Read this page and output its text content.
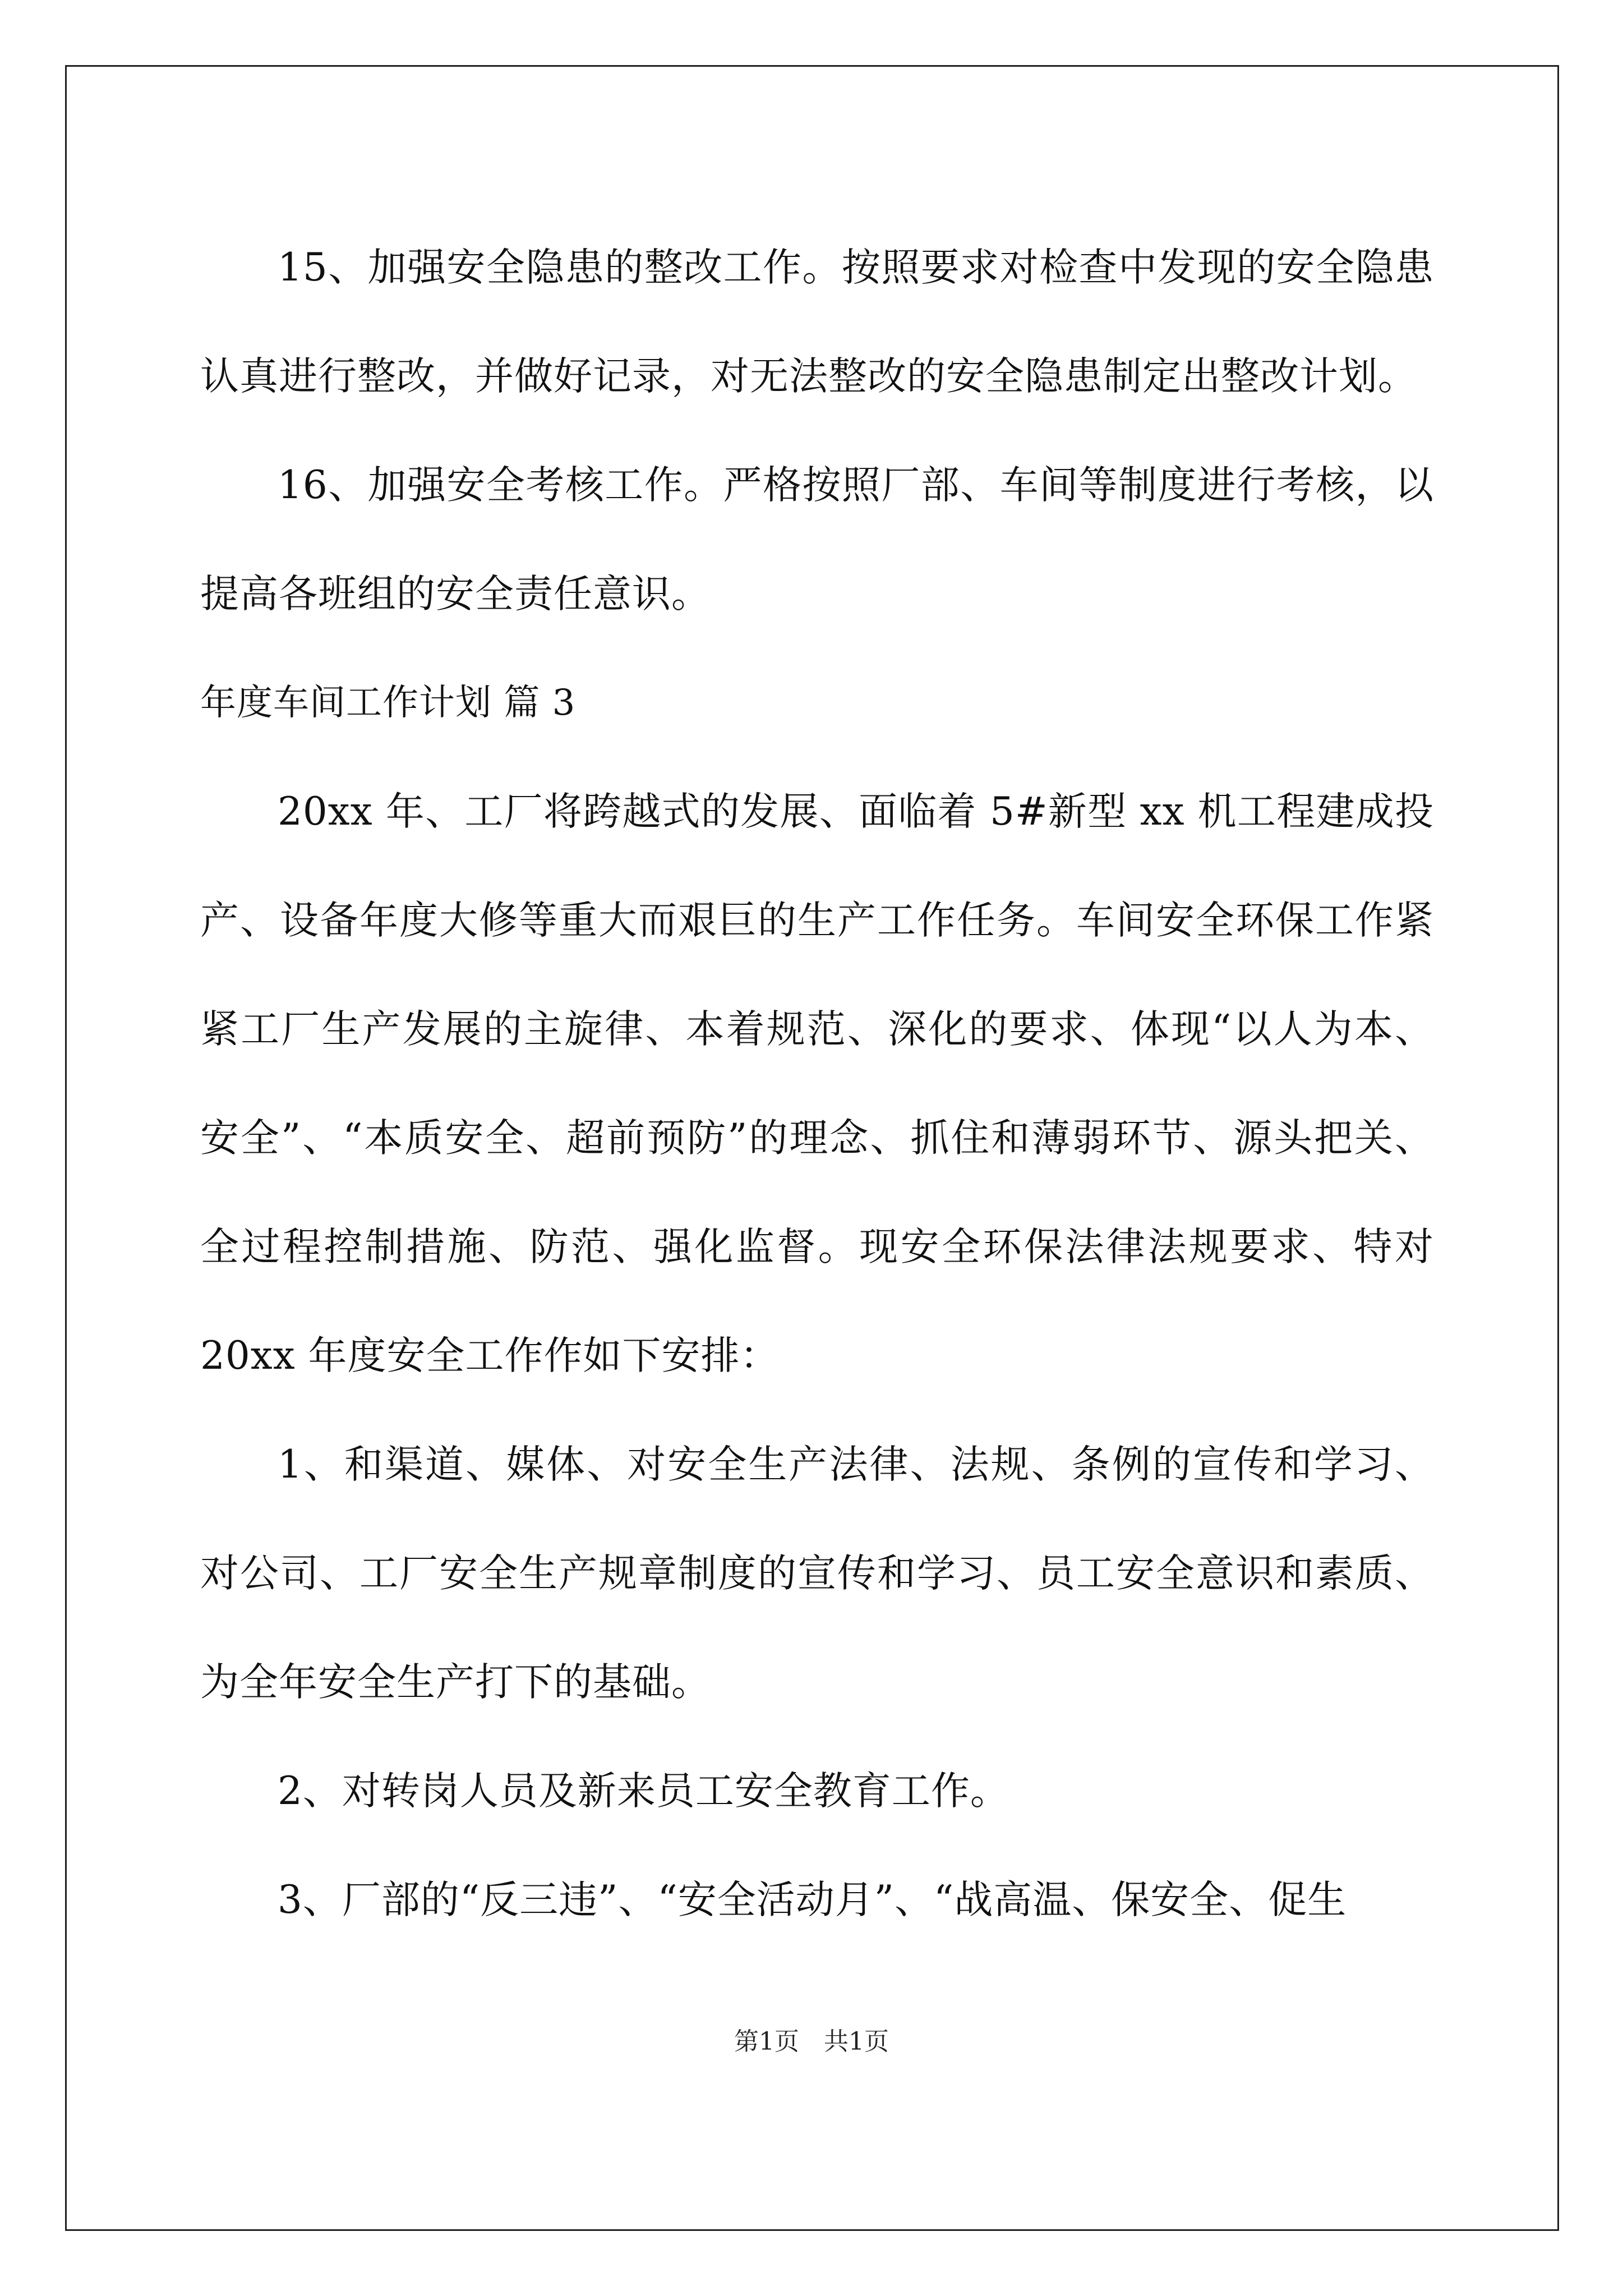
15、加强安全隐患的整改工作。按照要求对检查中发现的安全隐患认真进行整改，并做好记录，对无法整改的安全隐患制定出整改计划。

16、加强安全考核工作。严格按照厂部、车间等制度进行考核，以提高各班组的安全责任意识。

年度车间工作计划 篇 3

20xx 年、工厂将跨越式的发展、面临着 5#新型 xx 机工程建成投产、设备年度大修等重大而艰巨的生产工作任务。车间安全环保工作紧紧工厂生产发展的主旋律、本着规范、深化的要求、体现“以人为本、安全”、“本质安全、超前预防”的理念、抓住和薄弱环节、源头把关、全过程控制措施、防范、强化监督。现安全环保法律法规要求、特对 20xx 年度安全工作作如下安排：

1、和渠道、媒体、对安全生产法律、法规、条例的宣传和学习、对公司、工厂安全生产规章制度的宣传和学习、员工安全意识和素质、为全年安全生产打下的基础。

2、对转岗人员及新来员工安全教育工作。

3、厂部的“反三违”、“安全活动月”、“战高温、保安全、促生

第1页　共1页
